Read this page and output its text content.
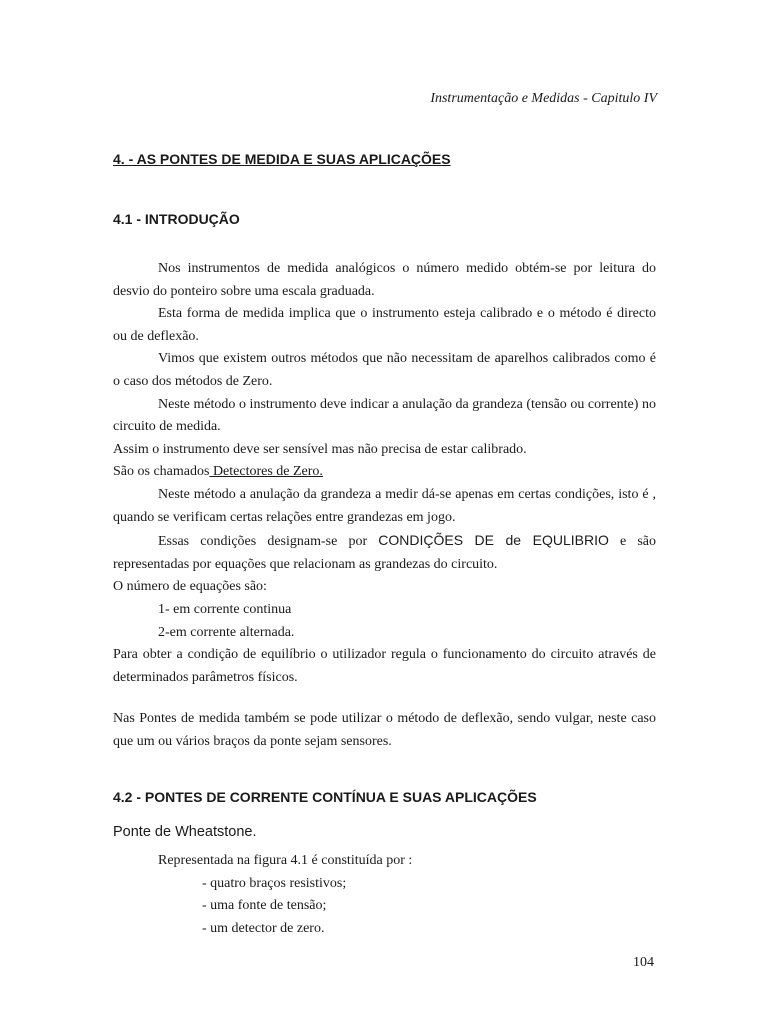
Instrumentação e Medidas - Capitulo IV
4. - AS PONTES DE MEDIDA E SUAS APLICAÇÕES
4.1 - INTRODUÇÃO

Nos instrumentos de medida analógicos o número medido obtém-se por leitura do desvio do ponteiro sobre uma escala graduada.

Esta forma de medida implica que o instrumento esteja calibrado e o método é directo ou de deflexão.

Vimos que existem outros métodos que não necessitam de aparelhos calibrados como é o caso dos métodos de Zero.

Neste método o instrumento deve indicar a anulação da grandeza (tensão ou corrente) no circuito de medida.

Assim o instrumento deve ser sensível mas não precisa de estar calibrado.

São os chamados Detectores de Zero.

Neste método a anulação da grandeza a medir dá-se apenas em certas condições, isto é , quando se verificam certas relações entre grandezas em jogo.

Essas condições designam-se por CONDIÇÕES DE de EQULIBRIO e são representadas por equações que relacionam as grandezas do circuito.

O número de equações são:

1- em corrente continua

2-em corrente alternada.

Para obter a condição de equilíbrio o utilizador regula o funcionamento do circuito através de determinados parâmetros físicos.

Nas Pontes de medida também se pode utilizar o método de deflexão, sendo vulgar, neste caso que um ou vários braços da ponte sejam sensores.

4.2 - PONTES DE CORRENTE CONTÍNUA E SUAS APLICAÇÕES
Ponte de Wheatstone.

Representada na figura 4.1 é constituída por :

- quatro braços resistivos;

- uma fonte de tensão;

- um detector de zero.

104
